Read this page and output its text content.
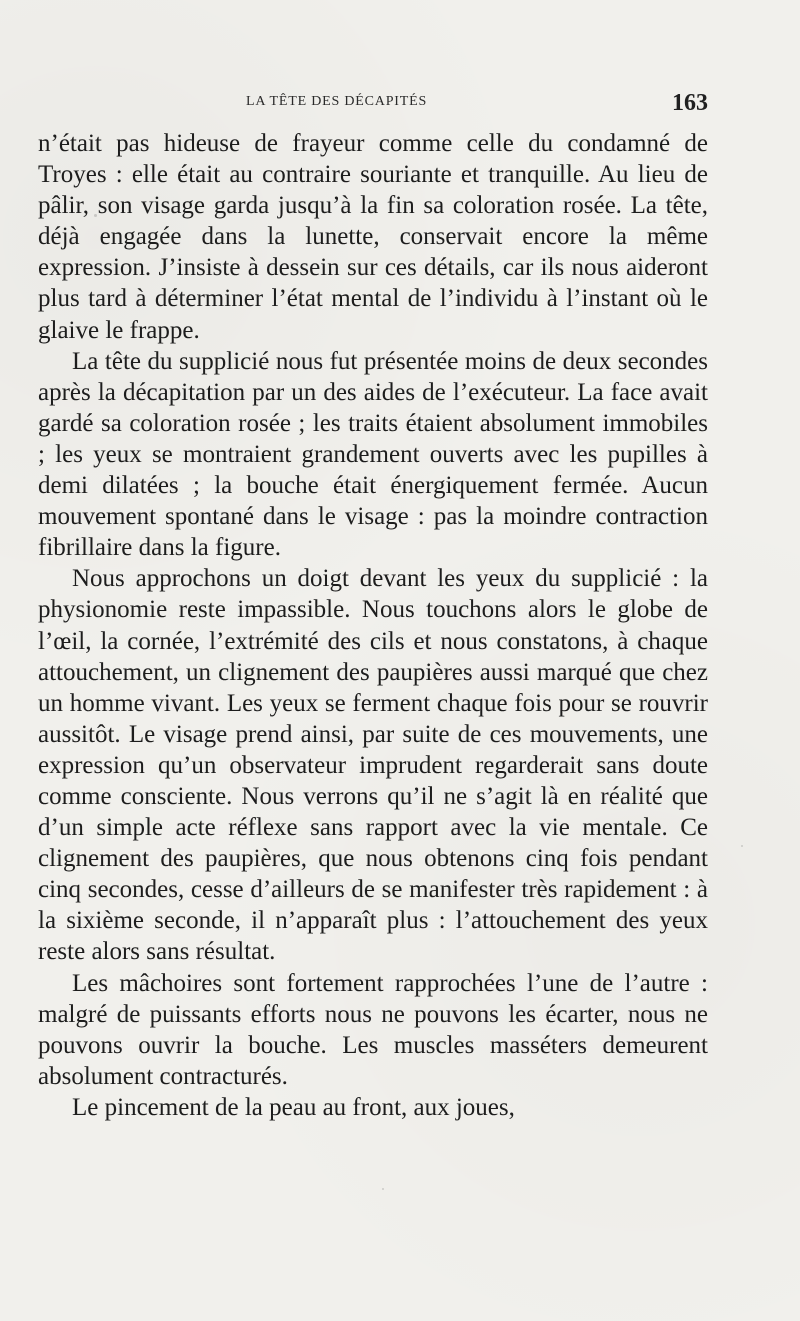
LA TÊTE DES DÉCAPITÉS	163

n’était pas hideuse de frayeur comme celle du condamné de Troyes : elle était au contraire souriante et tranquille. Au lieu de pâlir, son visage garda jusqu’à la fin sa coloration rosée. La tête, déjà engagée dans la lunette, conservait encore la même expression. J’insiste à dessein sur ces détails, car ils nous aideront plus tard à déterminer l’état mental de l’individu à l’instant où le glaive le frappe.

La tête du supplicié nous fut présentée moins de deux secondes après la décapitation par un des aides de l’exécuteur. La face avait gardé sa coloration rosée ; les traits étaient absolument immobiles ; les yeux se montraient grandement ouverts avec les pupilles à demi dilatées ; la bouche était énergiquement fermée. Aucun mouvement spontané dans le visage : pas la moindre contraction fibrillaire dans la figure.

Nous approchons un doigt devant les yeux du supplicié : la physionomie reste impassible. Nous touchons alors le globe de l’œil, la cornée, l’extrémité des cils et nous constatons, à chaque attouchement, un clignement des paupières aussi marqué que chez un homme vivant. Les yeux se ferment chaque fois pour se rouvrir aussitôt. Le visage prend ainsi, par suite de ces mouvements, une expression qu’un observateur imprudent regarderait sans doute comme consciente. Nous verrons qu’il ne s’agit là en réalité que d’un simple acte réflexe sans rapport avec la vie mentale. Ce clignement des paupières, que nous obtenons cinq fois pendant cinq secondes, cesse d’ailleurs de se manifester très rapidement : à la sixième seconde, il n’apparaît plus : l’attouchement des yeux reste alors sans résultat.

Les mâchoires sont fortement rapprochées l’une de l’autre : malgré de puissants efforts nous ne pouvons les écarter, nous ne pouvons ouvrir la bouche. Les muscles masséters demeurent absolument contracturés.

Le pincement de la peau au front, aux joues,
